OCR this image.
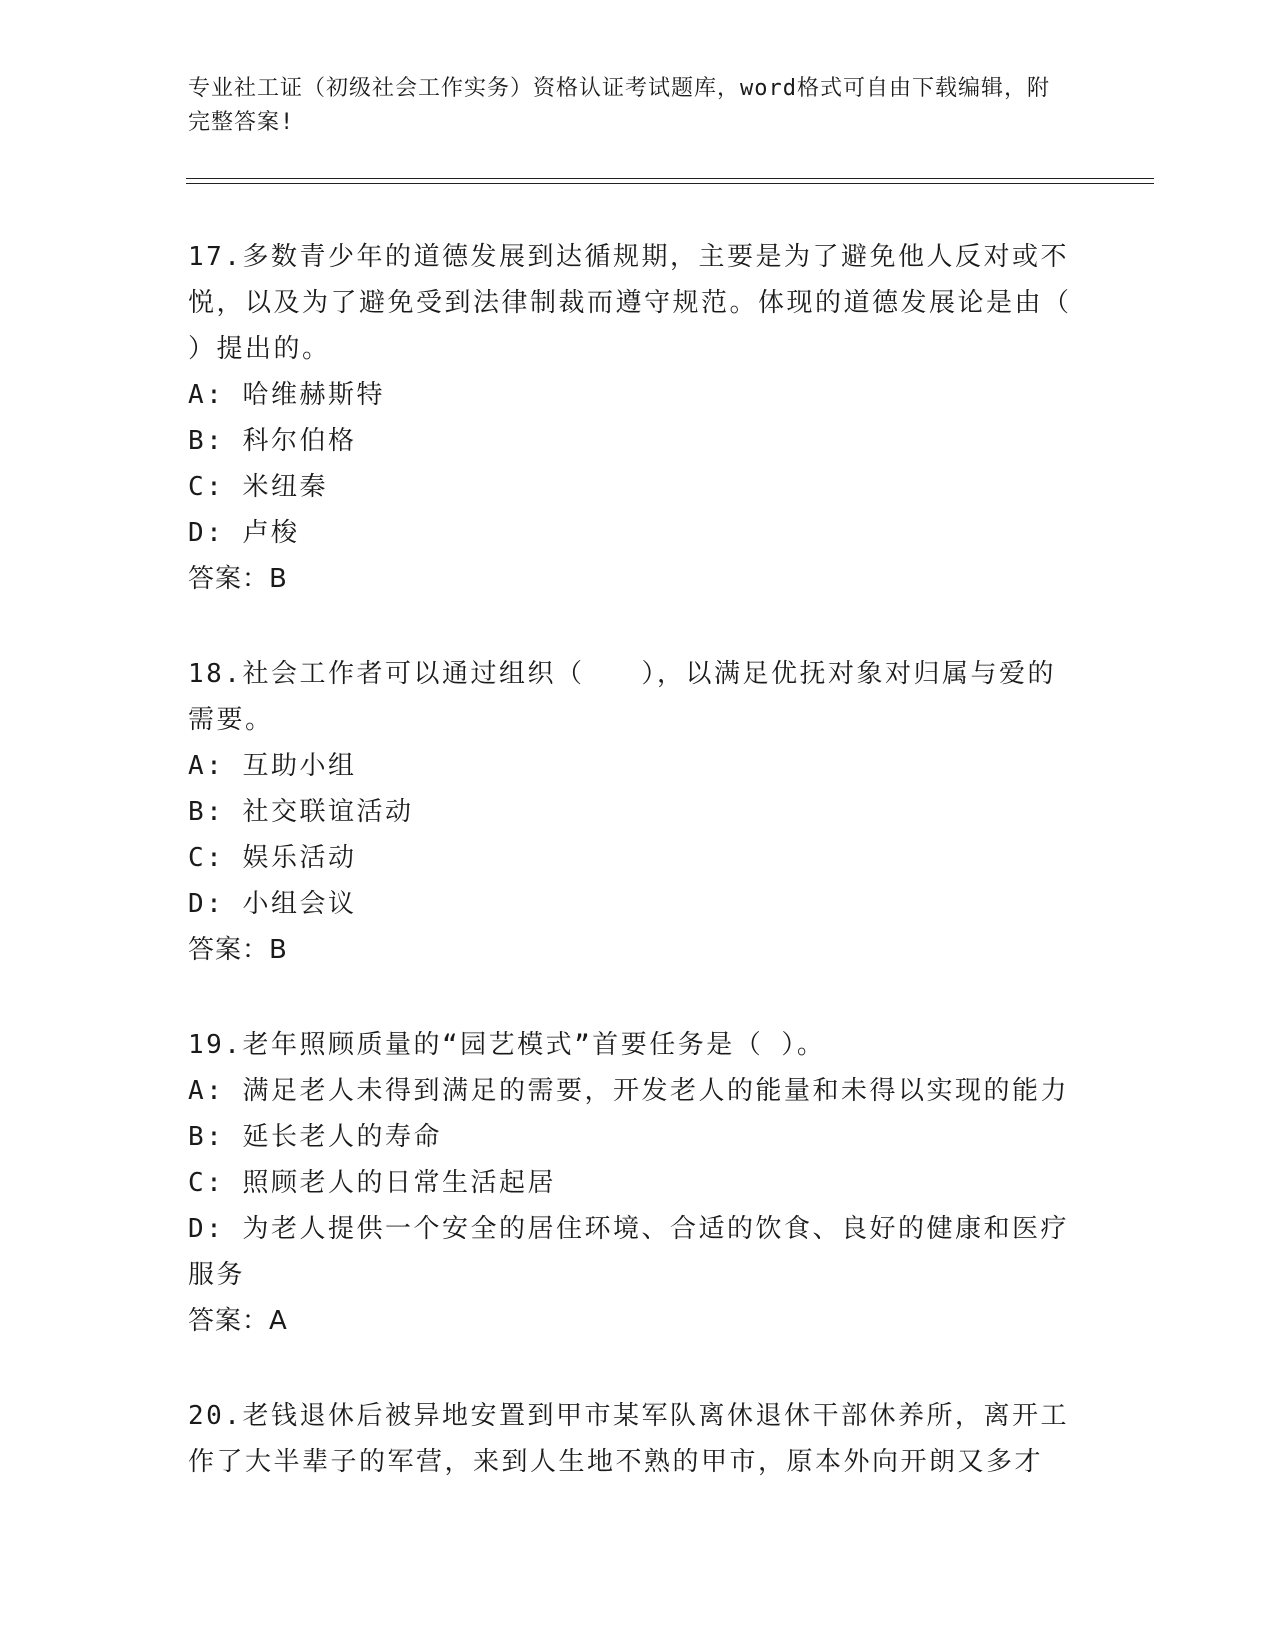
专业社工证（初级社会工作实务）资格认证考试题库，word格式可自由下载编辑，附完整答案!
17.多数青少年的道德发展到达循规期，主要是为了避免他人反对或不悦，以及为了避免受到法律制裁而遵守规范。体现的道德发展论是由（ ）提出的。
A: 哈维赫斯特
B: 科尔伯格
C: 米纽秦
D: 卢梭
答案：B
18.社会工作者可以通过组织（　　），以满足优抚对象对归属与爱的需要。
A: 互助小组
B: 社交联谊活动
C: 娱乐活动
D: 小组会议
答案：B
19.老年照顾质量的“园艺模式”首要任务是（ ）。
A: 满足老人未得到满足的需要，开发老人的能量和未得以实现的能力
B: 延长老人的寿命
C: 照顾老人的日常生活起居
D: 为老人提供一个安全的居住环境、合适的饮食、良好的健康和医疗服务
答案：A
20.老钱退休后被异地安置到甲市某军队离休退休干部休养所，离开工作了大半辈子的军营，来到人生地不熟的甲市，原本外向开朗又多才
